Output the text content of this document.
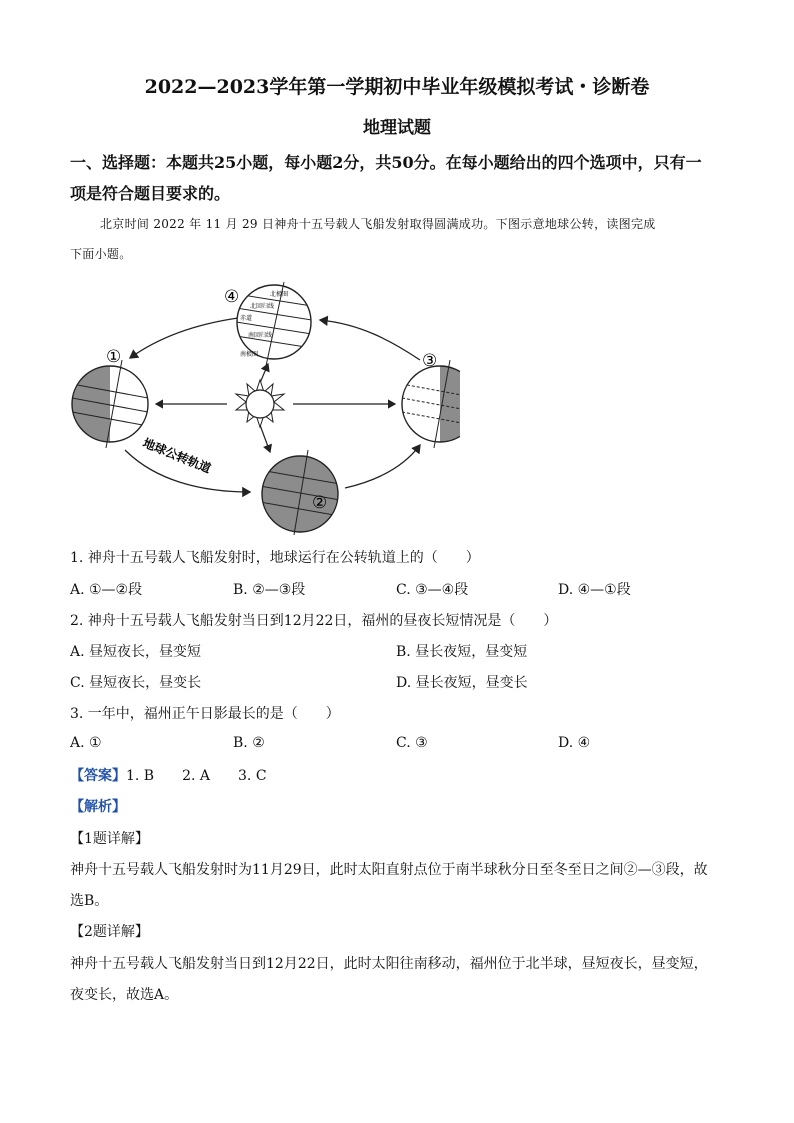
2022—2023学年第一学期初中毕业年级模拟考试・诊断卷
地理试题
一、选择题：本题共25小题，每小题2分，共50分。在每小题给出的四个选项中，只有一
项是符合题目要求的。
北京时间 2022 年 11 月 29 日神舟十五号载人飞船发射取得圆满成功。下图示意地球公转，读图完成
下面小题。
北极圈
北回归线
赤道
南回归线
南极圈
①
②
③
④
地球公转轨道
1. 神舟十五号载人飞船发射时，地球运行在公转轨道上的（　　）
A. ①—②段	B. ②—③段	C. ③—④段	D. ④—①段
2. 神舟十五号载人飞船发射当日到12月22日，福州的昼夜长短情况是（　　）
A. 昼短夜长，昼变短	B. 昼长夜短，昼变短
C. 昼短夜长，昼变长	D. 昼长夜短，昼变长
3. 一年中，福州正午日影最长的是（　　）
A. ①	B. ②	C. ③	D. ④
【答案】1. B　　2. A　　3. C
【解析】
【1题详解】
神舟十五号载人飞船发射时为11月29日，此时太阳直射点位于南半球秋分日至冬至日之间②—③段，故
选B。
【2题详解】
神舟十五号载人飞船发射当日到12月22日，此时太阳往南移动，福州位于北半球，昼短夜长，昼变短，
夜变长，故选A。
